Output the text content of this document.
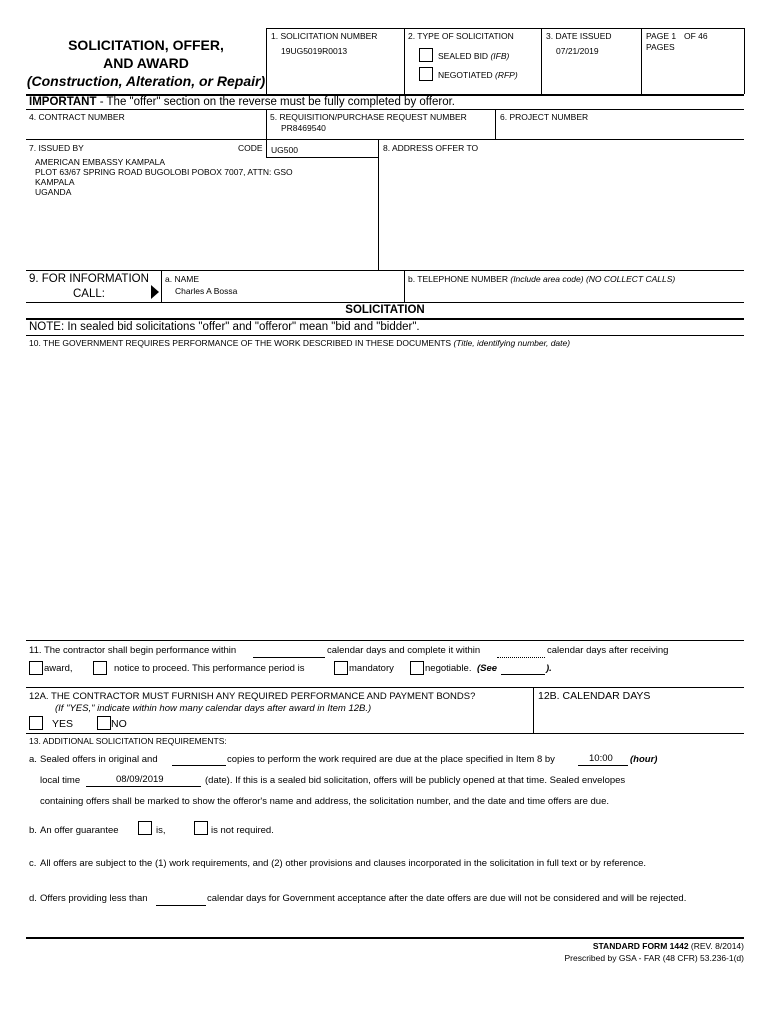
SOLICITATION, OFFER,
AND AWARD
(Construction, Alteration, or Repair)
1. SOLICITATION NUMBER
19UG5019R0013
2. TYPE OF SOLICITATION
SEALED BID (IFB)
NEGOTIATED (RFP)
3. DATE ISSUED
07/21/2019
PAGE 1 OF 46
PAGES
IMPORTANT - The "offer" section on the reverse must be fully completed by offeror.
4. CONTRACT NUMBER	5. REQUISITION/PURCHASE REQUEST NUMBER
PR8469540
6. PROJECT NUMBER
7. ISSUED BY	CODE UG500	8. ADDRESS OFFER TO
AMERICAN EMBASSY KAMPALA
PLOT 63/67 SPRING ROAD BUGOLOBI POBOX 7007, ATTN: GSO
KAMPALA
UGANDA
9. FOR INFORMATION
CALL:
a. NAME
Charles A Bossa
b. TELEPHONE NUMBER (Include area code) (NO COLLECT CALLS)
SOLICITATION
NOTE: In sealed bid solicitations "offer" and "offeror" mean "bid and "bidder".
10. THE GOVERNMENT REQUIRES PERFORMANCE OF THE WORK DESCRIBED IN THESE DOCUMENTS (Title, identifying number, date)
11. The contractor shall begin performance within	calendar days and complete it within	calendar days after receiving
award,	notice to proceed. This performance period is	mandatory	negotiable. (See	).
12A. THE CONTRACTOR MUST FURNISH ANY REQUIRED PERFORMANCE AND PAYMENT BONDS?
(If "YES," indicate within how many calendar days after award in Item 12B.)
12B. CALENDAR DAYS
YES	NO
13. ADDITIONAL SOLICITATION REQUIREMENTS:
a. Sealed offers in original and	copies to perform the work required are due at the place specified in Item 8 by	10:00 (hour)
local time	08/09/2019	(date). If this is a sealed bid solicitation, offers will be publicly opened at that time. Sealed envelopes
containing offers shall be marked to show the offeror's name and address, the solicitation number, and the date and time offers are due.
b. An offer guarantee	is,	is not required.
c. All offers are subject to the (1) work requirements, and (2) other provisions and clauses incorporated in the solicitation in full text or by reference.
d. Offers providing less than	calendar days for Government acceptance after the date offers are due will not be considered and will be rejected.
STANDARD FORM 1442 (REV. 8/2014)
Prescribed by GSA - FAR (48 CFR) 53.236-1(d)
